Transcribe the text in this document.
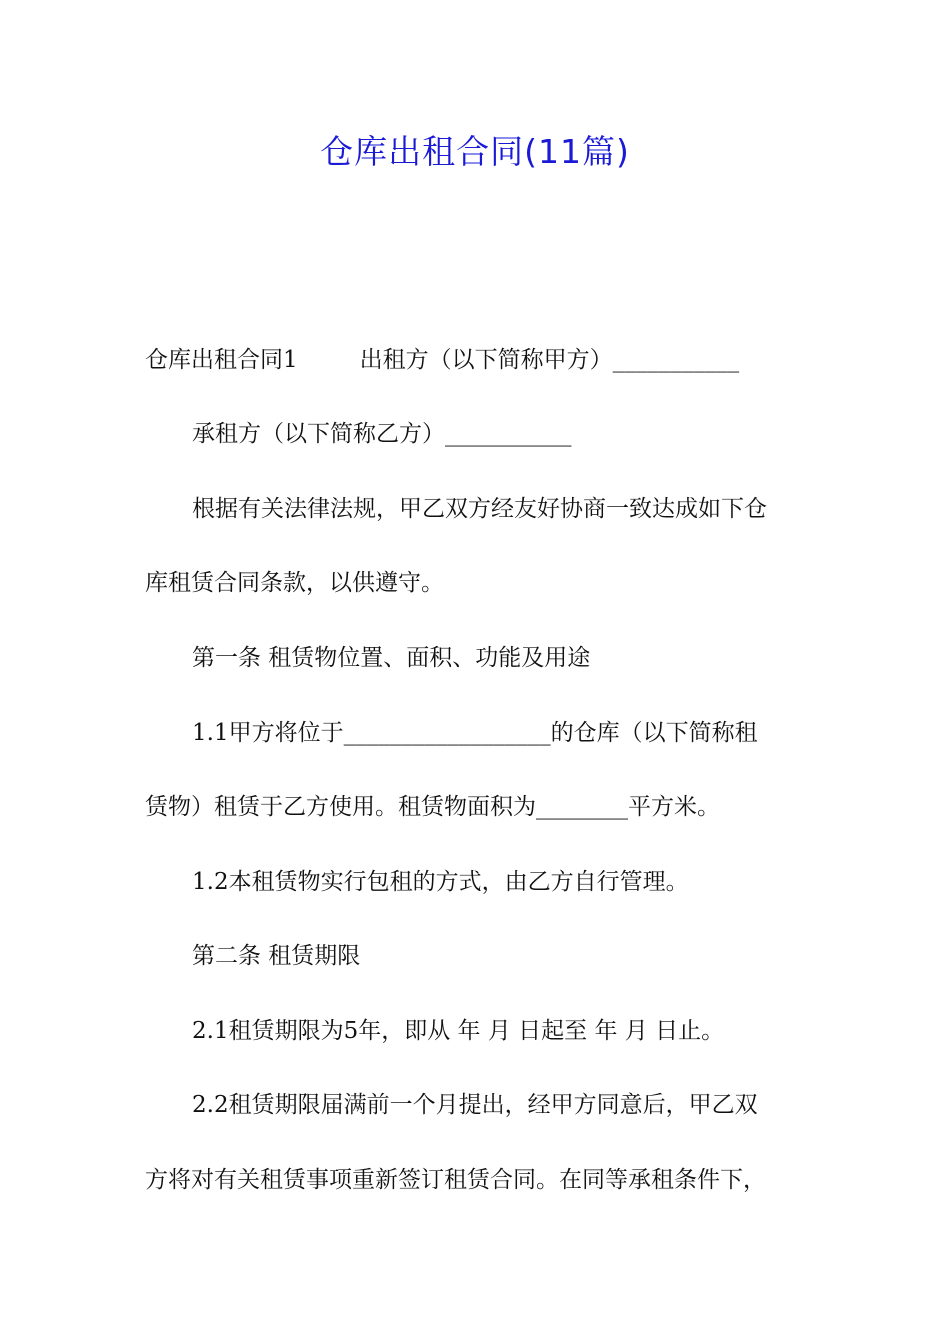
仓库出租合同(11篇)
仓库出租合同1	出租方（以下简称甲方）___________
承租方（以下简称乙方）___________
根据有关法律法规，甲乙双方经友好协商一致达成如下仓
库租赁合同条款，以供遵守。
第一条 租赁物位置、面积、功能及用途
1.1甲方将位于__________________的仓库（以下简称租
赁物）租赁于乙方使用。租赁物面积为________平方米。
1.2本租赁物实行包租的方式，由乙方自行管理。
第二条 租赁期限
2.1租赁期限为5年，即从 年 月 日起至 年 月 日止。
2.2租赁期限届满前一个月提出，经甲方同意后，甲乙双
方将对有关租赁事项重新签订租赁合同。在同等承租条件下，
